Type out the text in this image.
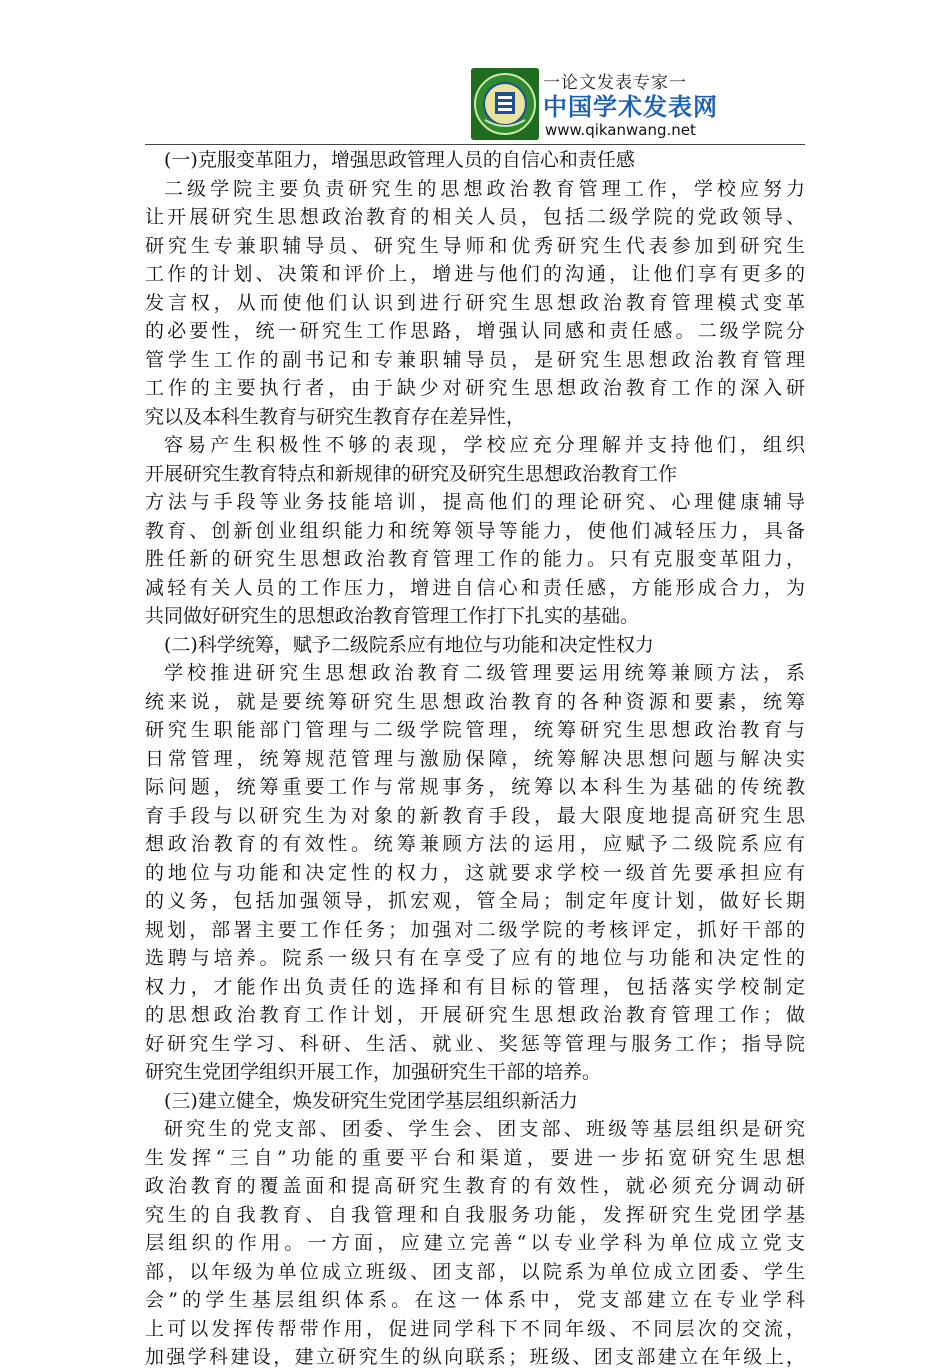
一论文发表专家一
中国学术发表网
www.qikanwang.net
(一)克服变革阻力，增强思政管理人员的自信心和责任感
二级学院主要负责研究生的思想政治教育管理工作，学校应努力
让开展研究生思想政治教育的相关人员，包括二级学院的党政领导、
研究生专兼职辅导员、研究生导师和优秀研究生代表参加到研究生
工作的计划、决策和评价上，增进与他们的沟通，让他们享有更多的
发言权，从而使他们认识到进行研究生思想政治教育管理模式变革
的必要性，统一研究生工作思路，增强认同感和责任感。二级学院分
管学生工作的副书记和专兼职辅导员，是研究生思想政治教育管理
工作的主要执行者，由于缺少对研究生思想政治教育工作的深入研
究以及本科生教育与研究生教育存在差异性，
容易产生积极性不够的表现，学校应充分理解并支持他们，组织
开展研究生教育特点和新规律的研究及研究生思想政治教育工作
方法与手段等业务技能培训，提高他们的理论研究、心理健康辅导
教育、创新创业组织能力和统筹领导等能力，使他们减轻压力，具备
胜任新的研究生思想政治教育管理工作的能力。只有克服变革阻力，
减轻有关人员的工作压力，增进自信心和责任感，方能形成合力，为
共同做好研究生的思想政治教育管理工作打下扎实的基础。
(二)科学统筹，赋予二级院系应有地位与功能和决定性权力
学校推进研究生思想政治教育二级管理要运用统筹兼顾方法，系
统来说，就是要统筹研究生思想政治教育的各种资源和要素，统筹
研究生职能部门管理与二级学院管理，统筹研究生思想政治教育与
日常管理，统筹规范管理与激励保障，统筹解决思想问题与解决实
际问题，统筹重要工作与常规事务，统筹以本科生为基础的传统教
育手段与以研究生为对象的新教育手段，最大限度地提高研究生思
想政治教育的有效性。统筹兼顾方法的运用，应赋予二级院系应有
的地位与功能和决定性的权力，这就要求学校一级首先要承担应有
的义务，包括加强领导，抓宏观，管全局；制定年度计划，做好长期
规划，部署主要工作任务；加强对二级学院的考核评定，抓好干部的
选聘与培养。院系一级只有在享受了应有的地位与功能和决定性的
权力，才能作出负责任的选择和有目标的管理，包括落实学校制定
的思想政治教育工作计划，开展研究生思想政治教育管理工作；做
好研究生学习、科研、生活、就业、奖惩等管理与服务工作；指导院
研究生党团学组织开展工作，加强研究生干部的培养。
(三)建立健全，焕发研究生党团学基层组织新活力
研究生的党支部、团委、学生会、团支部、班级等基层组织是研究
生发挥“三自”功能的重要平台和渠道，要进一步拓宽研究生思想
政治教育的覆盖面和提高研究生教育的有效性，就必须充分调动研
究生的自我教育、自我管理和自我服务功能，发挥研究生党团学基
层组织的作用。一方面，应建立完善“以专业学科为单位成立党支
部，以年级为单位成立班级、团支部，以院系为单位成立团委、学生
会”的学生基层组织体系。在这一体系中，党支部建立在专业学科
上可以发挥传帮带作用，促进同学科下不同年级、不同层次的交流，
加强学科建设，建立研究生的纵向联系；班级、团支部建立在年级上，
